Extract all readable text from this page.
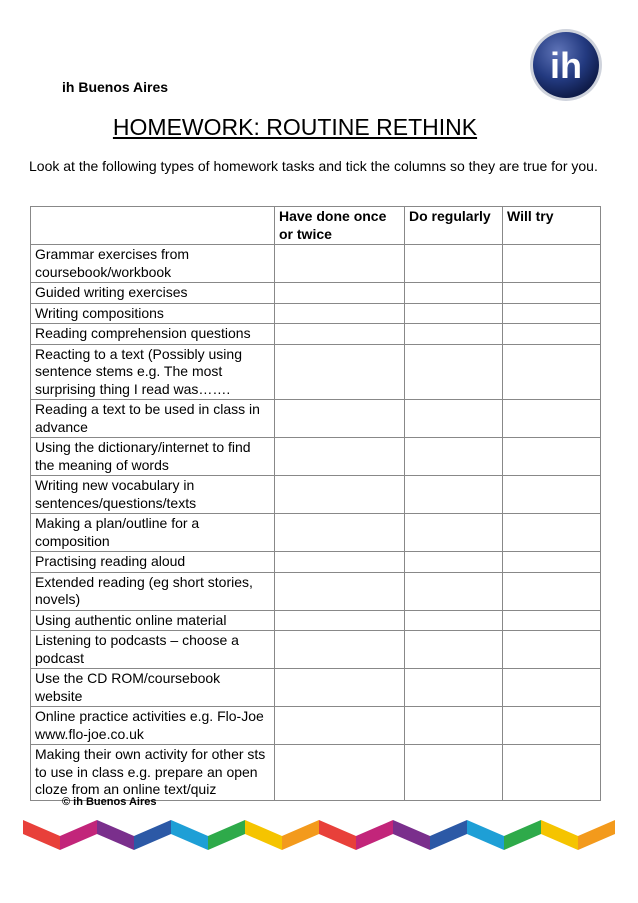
ih Buenos Aires
ih
HOMEWORK: ROUTINE RETHINK
Look at the following types of homework tasks and tick the columns so they are true for you.
	Have done once or twice	Do regularly	Will try
Grammar exercises from coursebook/workbook			
Guided writing exercises			
Writing compositions			
Reading comprehension questions			
Reacting to a text (Possibly using sentence stems e.g. The most surprising thing I read was…….			
Reading a text to be used in class in advance			
Using the dictionary/internet to find the meaning of words			
Writing new vocabulary in sentences/questions/texts			
Making a plan/outline for a composition			
Practising reading aloud			
Extended reading (eg short stories, novels)			
Using authentic online material			
Listening to podcasts – choose a podcast			
Use the CD ROM/coursebook website			
Online practice activities e.g. Flo-Joe www.flo-joe.co.uk			
Making their own activity for other sts to use in class e.g. prepare an open cloze from an online text/quiz			
© ih Buenos Aires
